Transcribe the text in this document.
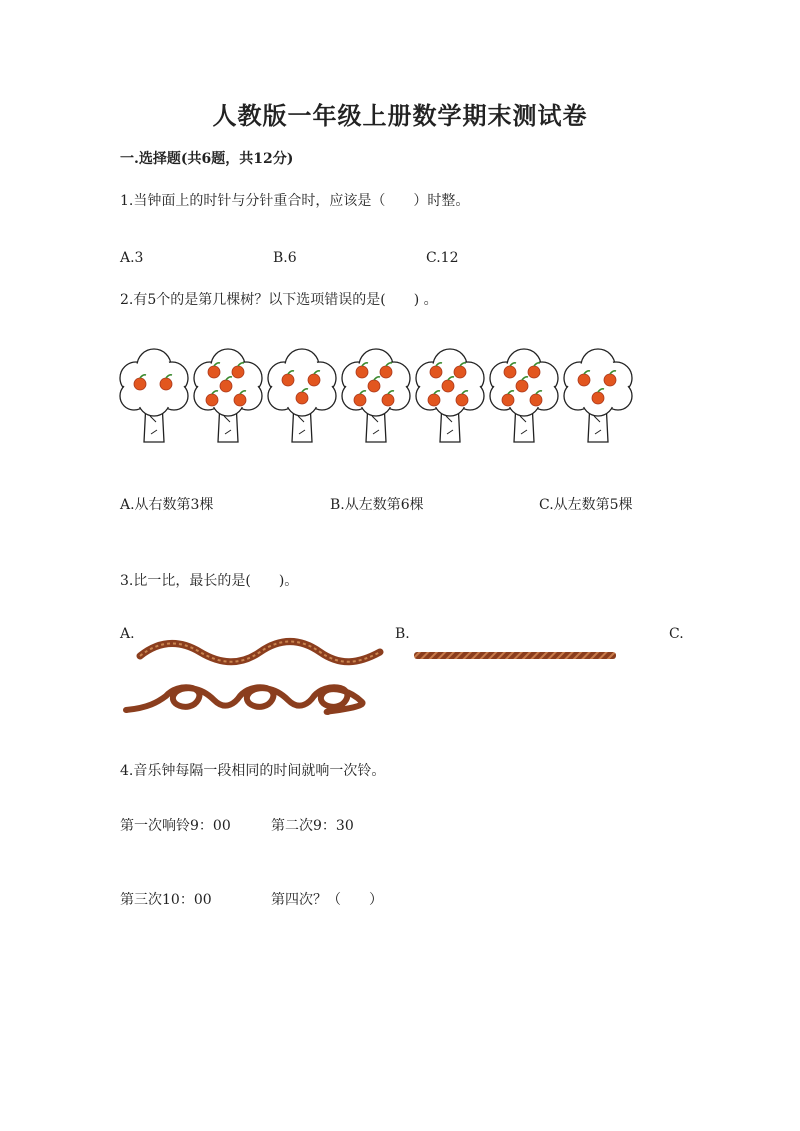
人教版一年级上册数学期末测试卷
一.选择题(共6题，共12分)
1.当钟面上的时针与分针重合时，应该是（　　）时整。
A.3	B.6	C.12
2.有5个的是第几棵树？以下选项错误的是(　　) 。
A.从右数第3棵	B.从左数第6棵	C.从左数第5棵
3.比一比，最长的是(　　)。
A.	B.	C.
4.音乐钟每隔一段相同的时间就响一次铃。
第一次响铃9：00	第二次9：30
第三次10：00	第四次？（　　）
